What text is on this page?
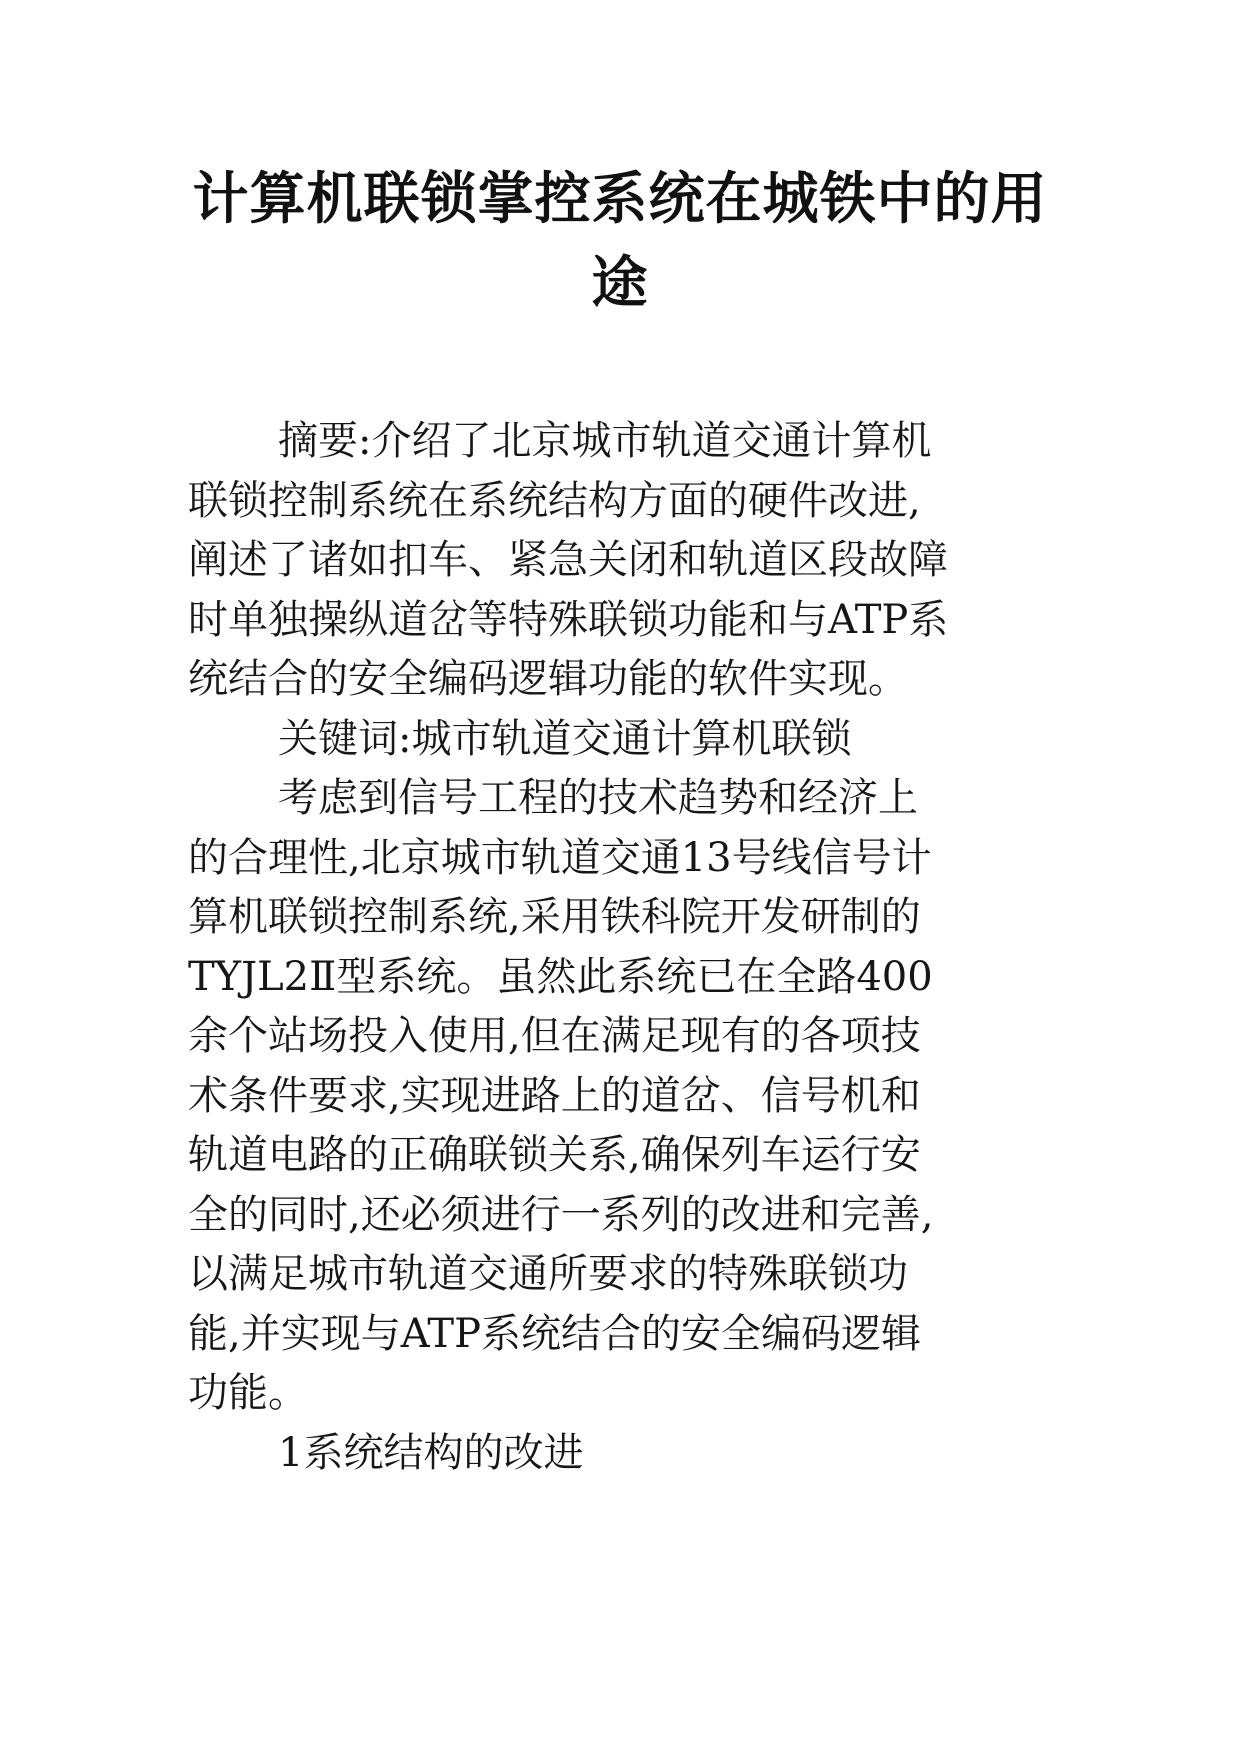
计算机联锁掌控系统在城铁中的用途
摘要:介绍了北京城市轨道交通计算机
联锁控制系统在系统结构方面的硬件改进,
阐述了诸如扣车、紧急关闭和轨道区段故障
时单独操纵道岔等特殊联锁功能和与ATP系
统结合的安全编码逻辑功能的软件实现。
关键词:城市轨道交通计算机联锁
考虑到信号工程的技术趋势和经济上
的合理性,北京城市轨道交通13号线信号计
算机联锁控制系统,采用铁科院开发研制的
TYJL2Ⅱ型系统。虽然此系统已在全路400
余个站场投入使用,但在满足现有的各项技
术条件要求,实现进路上的道岔、信号机和
轨道电路的正确联锁关系,确保列车运行安
全的同时,还必须进行一系列的改进和完善,
以满足城市轨道交通所要求的特殊联锁功
能,并实现与ATP系统结合的安全编码逻辑
功能。
1系统结构的改进
